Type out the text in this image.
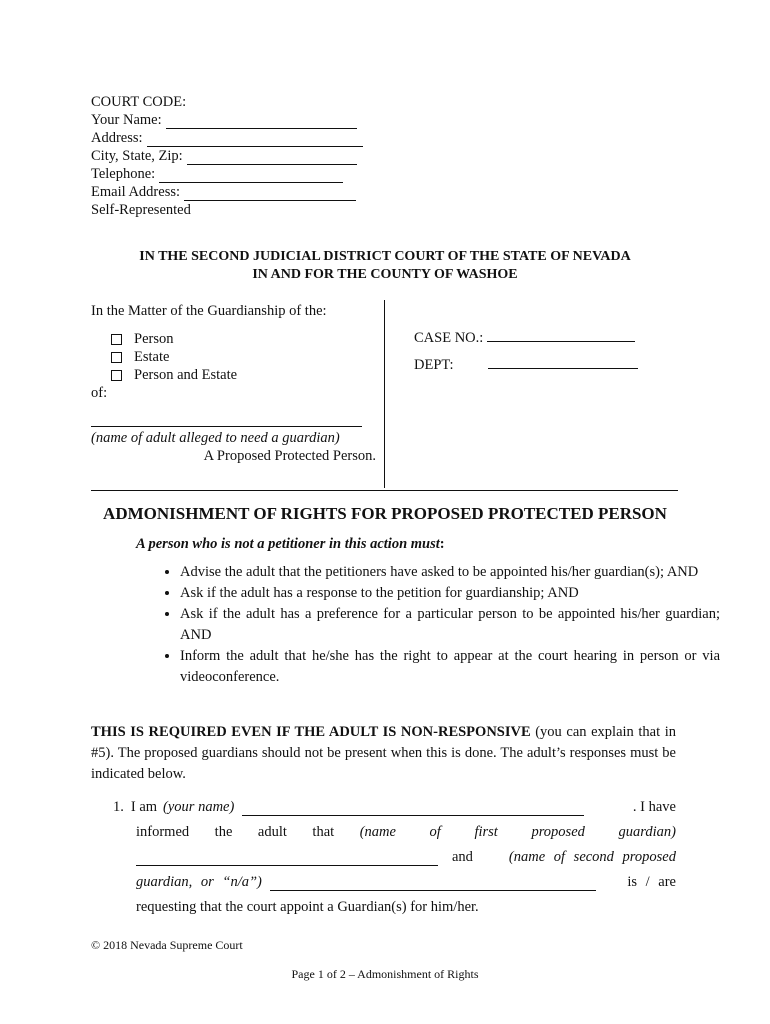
COURT CODE:
Your Name:
Address:
City, State, Zip:
Telephone:
Email Address:
Self-Represented
IN THE SECOND JUDICIAL DISTRICT COURT OF THE STATE OF NEVADA
IN AND FOR THE COUNTY OF WASHOE
In the Matter of the Guardianship of the:
Person
Estate
Person and Estate
of:
(name of adult alleged to need a guardian)
A Proposed Protected Person.
CASE NO.:
DEPT:
ADMONISHMENT OF RIGHTS FOR PROPOSED PROTECTED PERSON
A person who is not a petitioner in this action must:
• Advise the adult that the petitioners have asked to be appointed his/her guardian(s); AND
• Ask if the adult has a response to the petition for guardianship; AND
• Ask if the adult has a preference for a particular person to be appointed his/her guardian; AND
• Inform the adult that he/she has the right to appear at the court hearing in person or via videoconference.
THIS IS REQUIRED EVEN IF THE ADULT IS NON-RESPONSIVE (you can explain that in #5). The proposed guardians should not be present when this is done. The adult’s responses must be indicated below.
1. I am (your name)	. I have
informed the adult that (name of first proposed guardian)
and	(name of second proposed
guardian, or “n/a”)	is / are
requesting that the court appoint a Guardian(s) for him/her.
© 2018 Nevada Supreme Court
Page 1 of 2 – Admonishment of Rights
